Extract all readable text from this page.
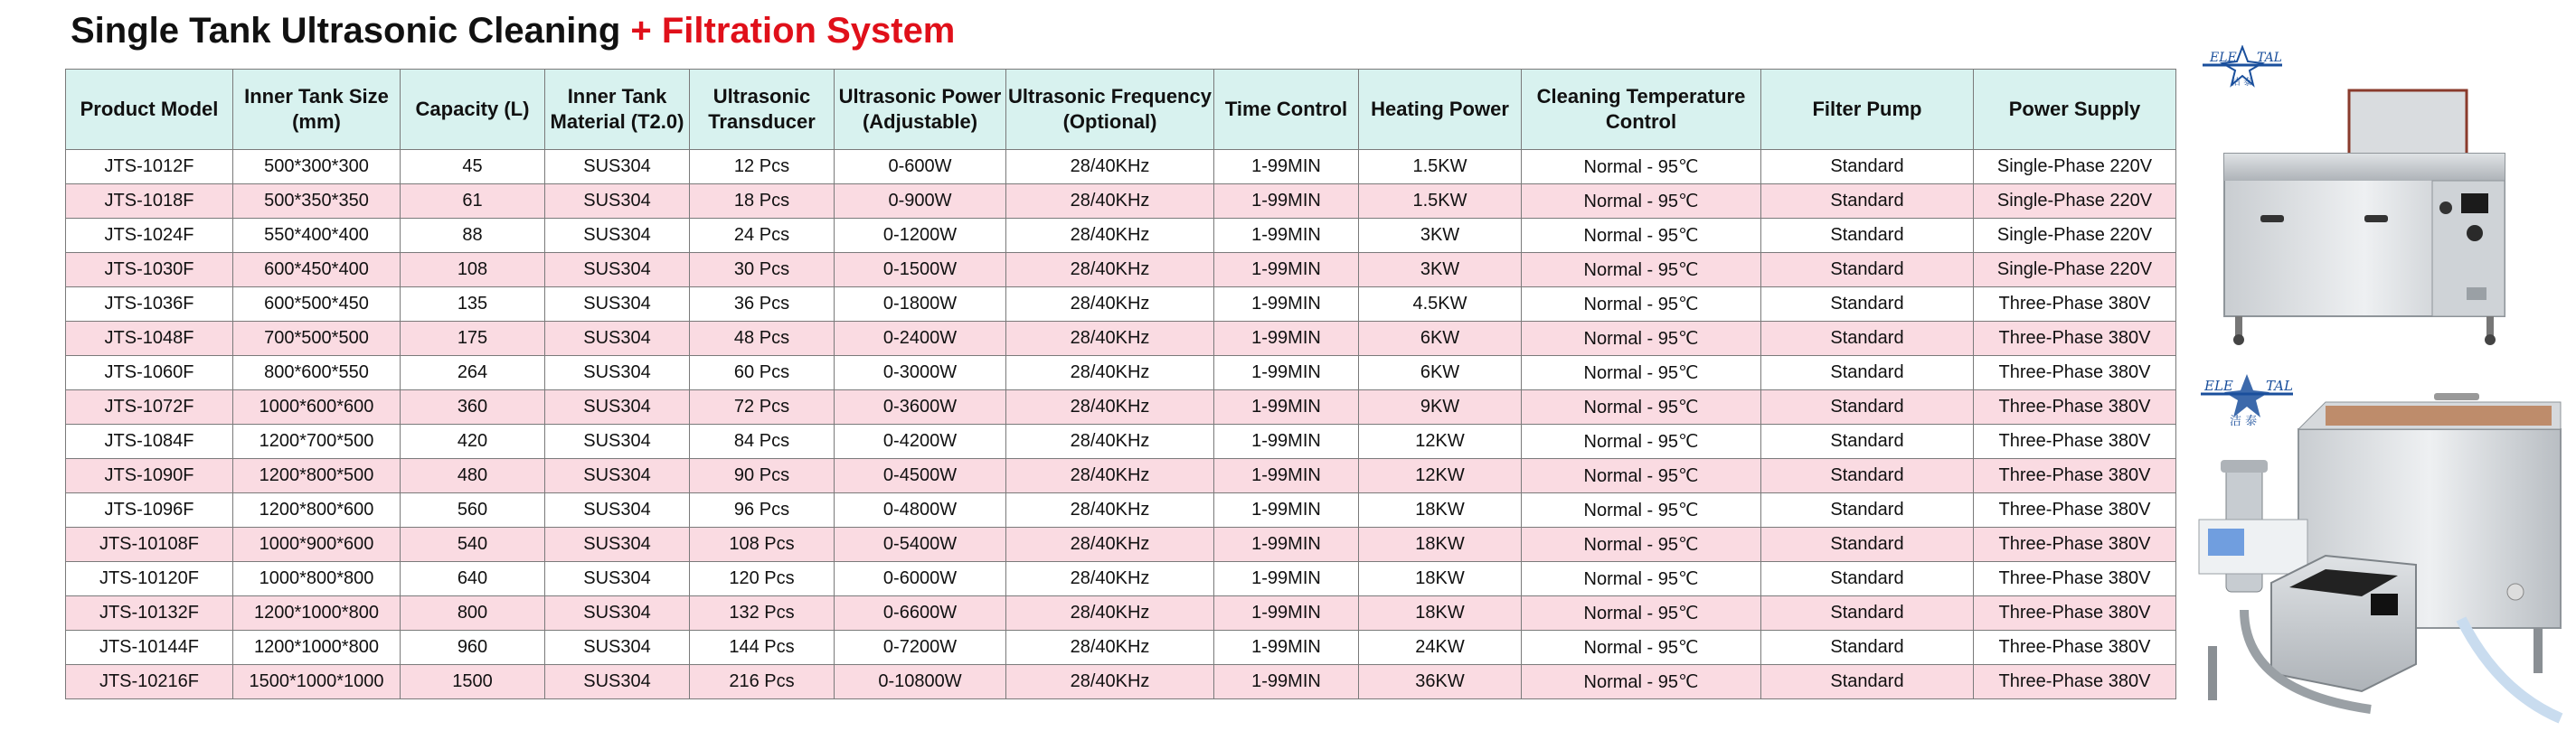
Single Tank Ultrasonic Cleaning + Filtration System
Product Model	Inner Tank Size (mm)	Capacity (L)	Inner Tank Material (T2.0)	Ultrasonic Transducer	Ultrasonic Power (Adjustable)	Ultrasonic Frequency (Optional)	Time Control	Heating Power	Cleaning Temperature Control	Filter Pump	Power Supply
JTS-1012F	500*300*300	45	SUS304	12 Pcs	0-600W	28/40KHz	1-99MIN	1.5KW	Normal - 95℃	Standard	Single-Phase 220V
JTS-1018F	500*350*350	61	SUS304	18 Pcs	0-900W	28/40KHz	1-99MIN	1.5KW	Normal - 95℃	Standard	Single-Phase 220V
JTS-1024F	550*400*400	88	SUS304	24 Pcs	0-1200W	28/40KHz	1-99MIN	3KW	Normal - 95℃	Standard	Single-Phase 220V
JTS-1030F	600*450*400	108	SUS304	30 Pcs	0-1500W	28/40KHz	1-99MIN	3KW	Normal - 95℃	Standard	Single-Phase 220V
JTS-1036F	600*500*450	135	SUS304	36 Pcs	0-1800W	28/40KHz	1-99MIN	4.5KW	Normal - 95℃	Standard	Three-Phase 380V
JTS-1048F	700*500*500	175	SUS304	48 Pcs	0-2400W	28/40KHz	1-99MIN	6KW	Normal - 95℃	Standard	Three-Phase 380V
JTS-1060F	800*600*550	264	SUS304	60 Pcs	0-3000W	28/40KHz	1-99MIN	6KW	Normal - 95℃	Standard	Three-Phase 380V
JTS-1072F	1000*600*600	360	SUS304	72 Pcs	0-3600W	28/40KHz	1-99MIN	9KW	Normal - 95℃	Standard	Three-Phase 380V
JTS-1084F	1200*700*500	420	SUS304	84 Pcs	0-4200W	28/40KHz	1-99MIN	12KW	Normal - 95℃	Standard	Three-Phase 380V
JTS-1090F	1200*800*500	480	SUS304	90 Pcs	0-4500W	28/40KHz	1-99MIN	12KW	Normal - 95℃	Standard	Three-Phase 380V
JTS-1096F	1200*800*600	560	SUS304	96 Pcs	0-4800W	28/40KHz	1-99MIN	18KW	Normal - 95℃	Standard	Three-Phase 380V
JTS-10108F	1000*900*600	540	SUS304	108 Pcs	0-5400W	28/40KHz	1-99MIN	18KW	Normal - 95℃	Standard	Three-Phase 380V
JTS-10120F	1000*800*800	640	SUS304	120 Pcs	0-6000W	28/40KHz	1-99MIN	18KW	Normal - 95℃	Standard	Three-Phase 380V
JTS-10132F	1200*1000*800	800	SUS304	132 Pcs	0-6600W	28/40KHz	1-99MIN	18KW	Normal - 95℃	Standard	Three-Phase 380V
JTS-10144F	1200*1000*800	960	SUS304	144 Pcs	0-7200W	28/40KHz	1-99MIN	24KW	Normal - 95℃	Standard	Three-Phase 380V
JTS-10216F	1500*1000*1000	1500	SUS304	216 Pcs	0-10800W	28/40KHz	1-99MIN	36KW	Normal - 95℃	Standard	Three-Phase 380V
ELE TAL
洁 泰
ELE TAL
洁 泰
